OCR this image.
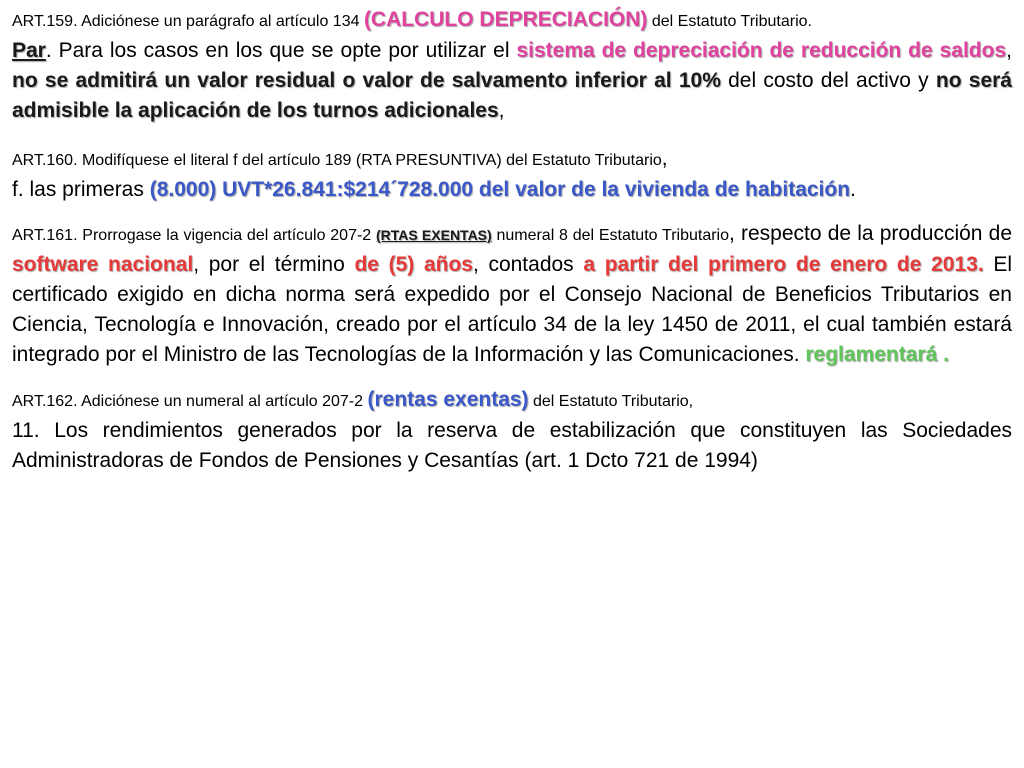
ART.159. Adiciónese un parágrafo al artículo 134 (CALCULO DEPRECIACIÓN) del Estatuto Tributario.

Par. Para los casos en los que se opte por utilizar el sistema de depreciación de reducción de saldos, no se admitirá un valor residual o valor de salvamento inferior al 10% del costo del activo y no será admisible la aplicación de los turnos adicionales,

ART.160. Modifíquese el literal f del artículo 189 (RTA PRESUNTIVA) del Estatuto Tributario,

f. las primeras (8.000) UVT*26.841:$214´728.000 del valor de la vivienda de habitación.

ART.161. Prorrogase la vigencia del artículo 207-2 (RTAS EXENTAS) numeral 8 del Estatuto Tributario, respecto de la producción de software nacional, por el término de (5) años, contados a partir del primero de enero de 2013. El certificado exigido en dicha norma será expedido por el Consejo Nacional de Beneficios Tributarios en Ciencia, Tecnología e Innovación, creado por el artículo 34 de la ley 1450 de 2011, el cual también estará integrado por el Ministro de las Tecnologías de la Información y las Comunicaciones. reglamentará .

ART.162. Adiciónese un numeral al artículo 207-2 (rentas exentas) del Estatuto Tributario,

11. Los rendimientos generados por la reserva de estabilización que constituyen las Sociedades Administradoras de Fondos de Pensiones y Cesantías (art. 1 Dcto 721 de 1994)
